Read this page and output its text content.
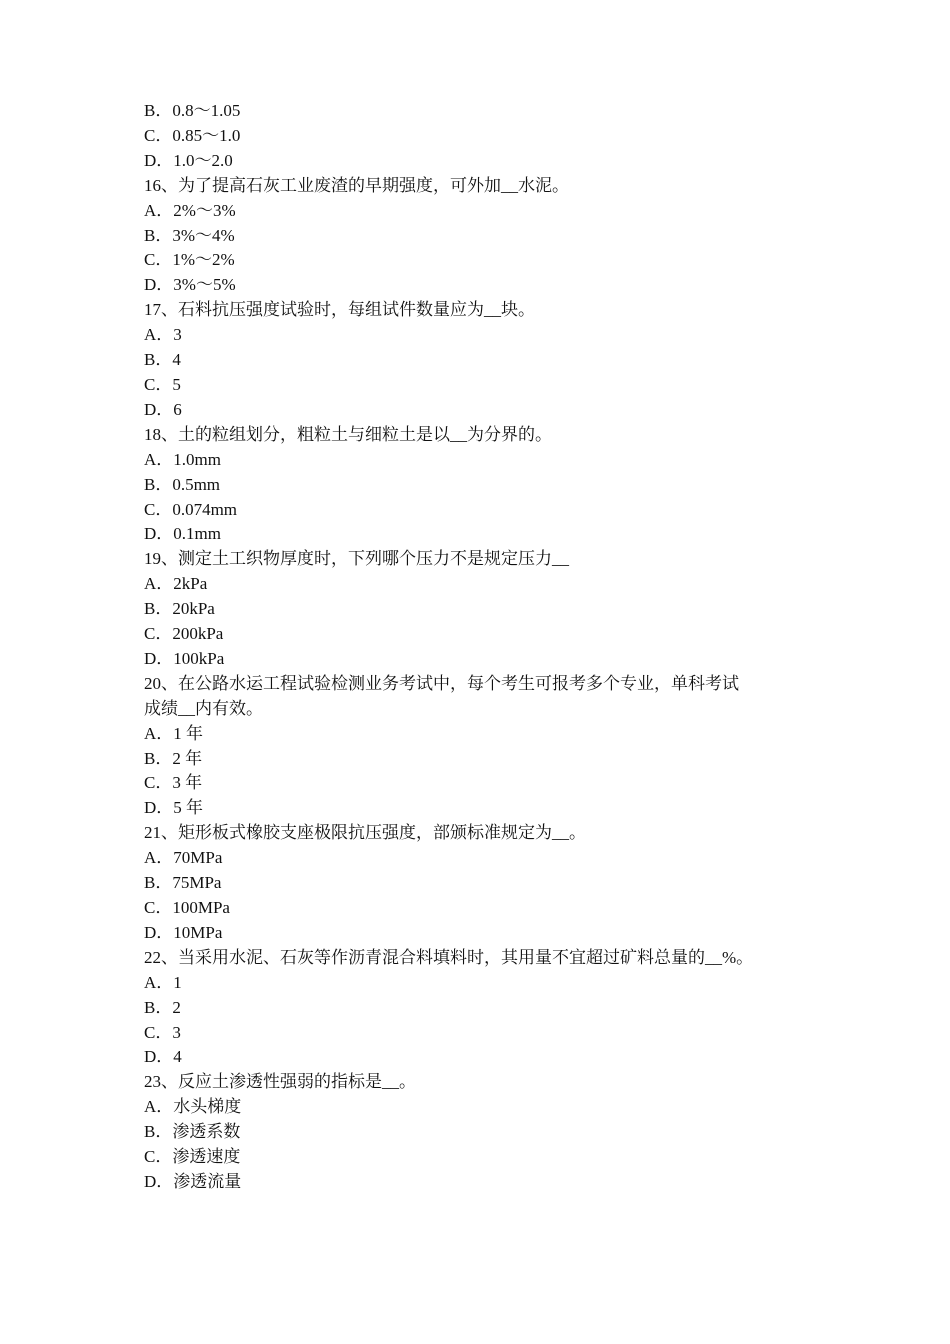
B．0.8～1.05
C．0.85～1.0
D．1.0～2.0
16、为了提高石灰工业废渣的早期强度，可外加__水泥。
A．2%～3%
B．3%～4%
C．1%～2%
D．3%～5%
17、石料抗压强度试验时，每组试件数量应为__块。
A．3
B．4
C．5
D．6
18、土的粒组划分，粗粒土与细粒土是以__为分界的。
A．1.0mm
B．0.5mm
C．0.074mm
D．0.1mm
19、测定土工织物厚度时，下列哪个压力不是规定压力__
A．2kPa
B．20kPa
C．200kPa
D．100kPa
20、在公路水运工程试验检测业务考试中，每个考生可报考多个专业，单科考试
成绩__内有效。
A．1 年
B．2 年
C．3 年
D．5 年
21、矩形板式橡胶支座极限抗压强度，部颁标准规定为__。
A．70MPa
B．75MPa
C．100MPa
D．10MPa
22、当采用水泥、石灰等作沥青混合料填料时，其用量不宜超过矿料总量的__%。
A．1
B．2
C．3
D．4
23、反应土渗透性强弱的指标是__。
A．水头梯度
B．渗透系数
C．渗透速度
D．渗透流量
